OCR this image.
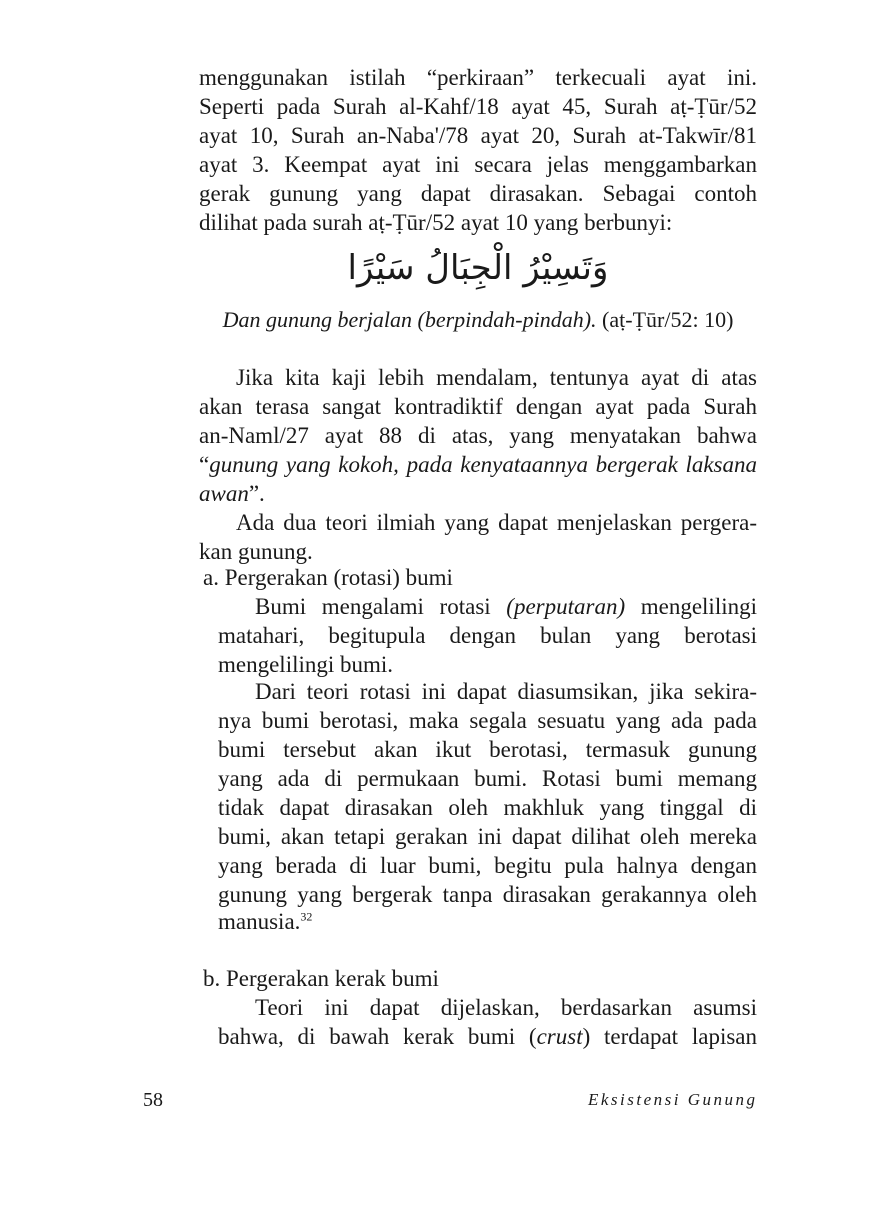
menggunakan istilah “perkiraan” terkecuali ayat ini.
Seperti pada Surah al-Kahf/18 ayat 45, Surah aṭ-Ṭūr/52
ayat 10, Surah an-Naba'/78 ayat 20, Surah at-Takwīr/81
ayat 3. Keempat ayat ini secara jelas menggambarkan
gerak gunung yang dapat dirasakan. Sebagai contoh
dilihat pada surah aṭ-Ṭūr/52 ayat 10 yang berbunyi:
وَتَسِيْرُ الْجِبَالُ سَيْرًا
Dan gunung berjalan (berpindah-pindah). (aṭ-Ṭūr/52: 10)
Jika kita kaji lebih mendalam, tentunya ayat di atas
akan terasa sangat kontradiktif dengan ayat pada Surah
an-Naml/27 ayat 88 di atas, yang menyatakan bahwa
“gunung yang kokoh, pada kenyataannya bergerak laksana
awan”.
Ada dua teori ilmiah yang dapat menjelaskan pergera-
kan gunung.
a. Pergerakan (rotasi) bumi
Bumi mengalami rotasi (perputaran) mengelilingi
matahari, begitupula dengan bulan yang berotasi
mengelilingi bumi.
Dari teori rotasi ini dapat diasumsikan, jika sekira-
nya bumi berotasi, maka segala sesuatu yang ada pada
bumi tersebut akan ikut berotasi, termasuk gunung
yang ada di permukaan bumi. Rotasi bumi memang
tidak dapat dirasakan oleh makhluk yang tinggal di
bumi, akan tetapi gerakan ini dapat dilihat oleh mereka
yang berada di luar bumi, begitu pula halnya dengan
gunung yang bergerak tanpa dirasakan gerakannya oleh
manusia.$^{32}$
b. Pergerakan kerak bumi
Teori ini dapat dijelaskan, berdasarkan asumsi
bahwa, di bawah kerak bumi (crust) terdapat lapisan
58	Eksistensi Gunung
